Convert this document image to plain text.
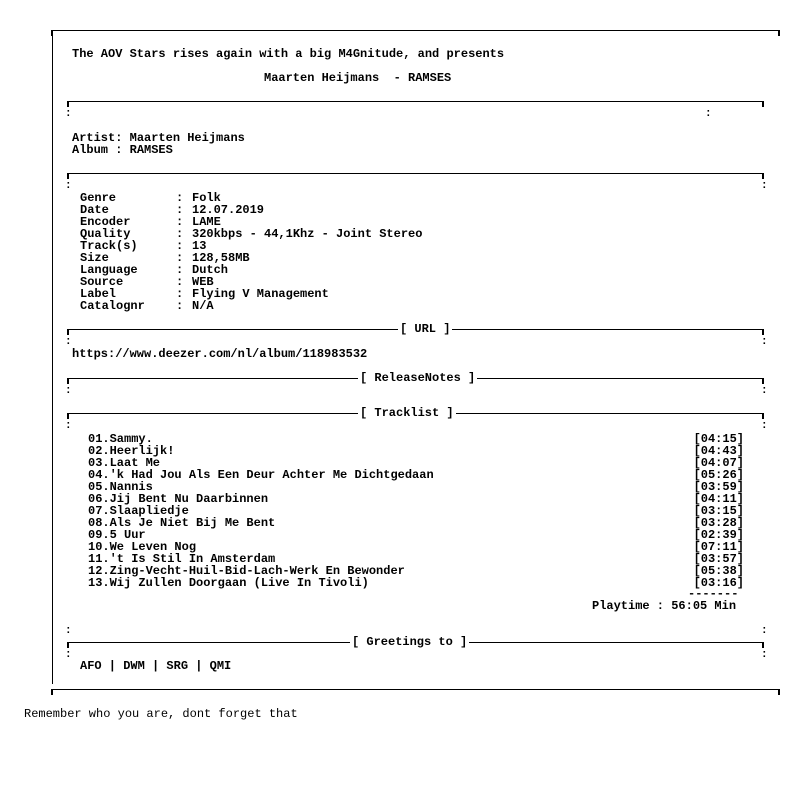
The AOV Stars rises again with a big M4Gnitude, and presents
Maarten Heijmans  - RAMSES
:	:
Artist: Maarten Heijmans
Album : RAMSES
:	:
Genre	: Folk
Date	: 12.07.2019
Encoder	: LAME
Quality	: 320kbps - 44,1Khz - Joint Stereo
Track(s)	: 13
Size	: 128,58MB
Language	: Dutch
Source	: WEB
Label	: Flying V Management
Catalognr	: N/A
[ URL ]
:	:
https://www.deezer.com/nl/album/118983532
[ ReleaseNotes ]
:	:
[ Tracklist ]
:	:
01.Sammy.	[04:15]
02.Heerlijk!	[04:43]
03.Laat Me	[04:07]
04.'k Had Jou Als Een Deur Achter Me Dichtgedaan	[05:26]
05.Nannis	[03:59]
06.Jij Bent Nu Daarbinnen	[04:11]
07.Slaapliedje	[03:15]
08.Als Je Niet Bij Me Bent	[03:28]
09.5 Uur	[02:39]
10.We Leven Nog	[07:11]
11.'t Is Stil In Amsterdam	[03:57]
12.Zing-Vecht-Huil-Bid-Lach-Werk En Bewonder	[05:38]
13.Wij Zullen Doorgaan (Live In Tivoli)	[03:16]
-------
Playtime : 56:05 Min
:	:
[ Greetings to ]
:	:
AFO | DWM | SRG | QMI
Remember who you are, dont forget that
